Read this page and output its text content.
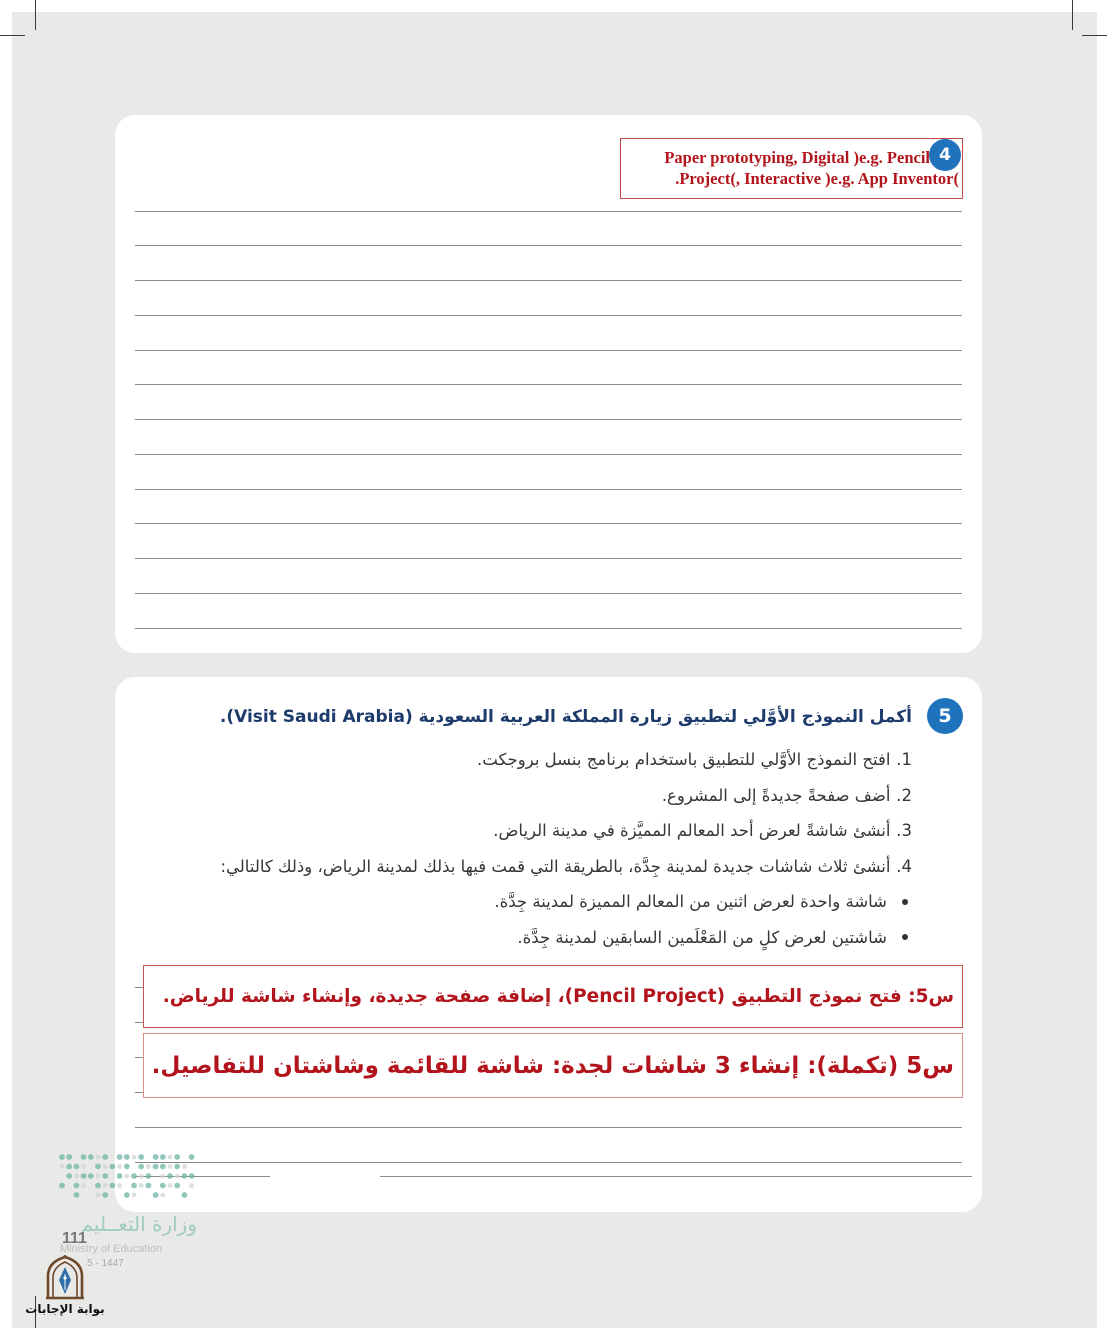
4
Paper prototyping, Digital )e.g. Pencil
.Project(, Interactive )e.g. App Inventor(
5
أكمل النموذج الأوَّلي لتطبيق زيارة المملكة العربية السعودية (Visit Saudi Arabia).
1.
افتح النموذج الأوَّلي للتطبيق باستخدام برنامج بنسل بروجكت.
2.
أضف صفحةً جديدةً إلى المشروع.
3.
أنشئ شاشةً لعرض أحد المعالم المميَّزة في مدينة الرياض.
4.
أنشئ ثلاث شاشات جديدة لمدينة جِدَّة، بالطريقة التي قمت فيها بذلك لمدينة الرياض، وذلك كالتالي:
شاشة واحدة لعرض اثنين من المعالم المميزة لمدينة جِدَّة.
شاشتين لعرض كلٍ من المَعْلَمين السابقين لمدينة جِدَّة.
س5: فتح نموذج التطبيق (Pencil Project)، إضافة صفحة جديدة، وإنشاء شاشة للرياض.
س5 (تكملة): إنشاء 3 شاشات لجدة: شاشة للقائمة وشاشتان للتفاصيل.
وزارة التعــليم
Ministry of Education
111
5 - 1447
بوابة الإجابات
